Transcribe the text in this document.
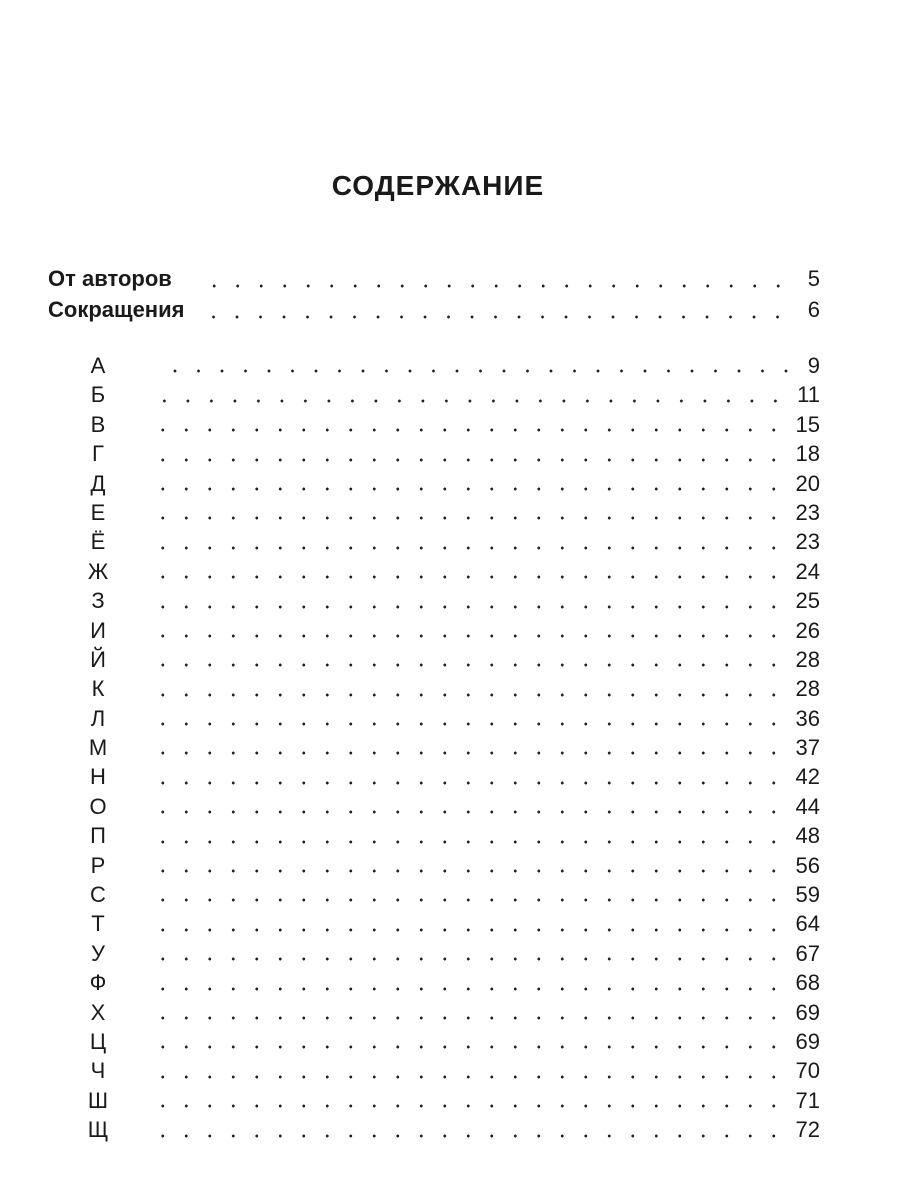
СОДЕРЖАНИЕ
От авторов	5
Сокращения	6
А	9
Б	11
В	15
Г	18
Д	20
Е	23
Ё	23
Ж	24
З	25
И	26
Й	28
К	28
Л	36
М	37
Н	42
О	44
П	48
Р	56
С	59
Т	64
У	67
Ф	68
Х	69
Ц	69
Ч	70
Ш	71
Щ	72
